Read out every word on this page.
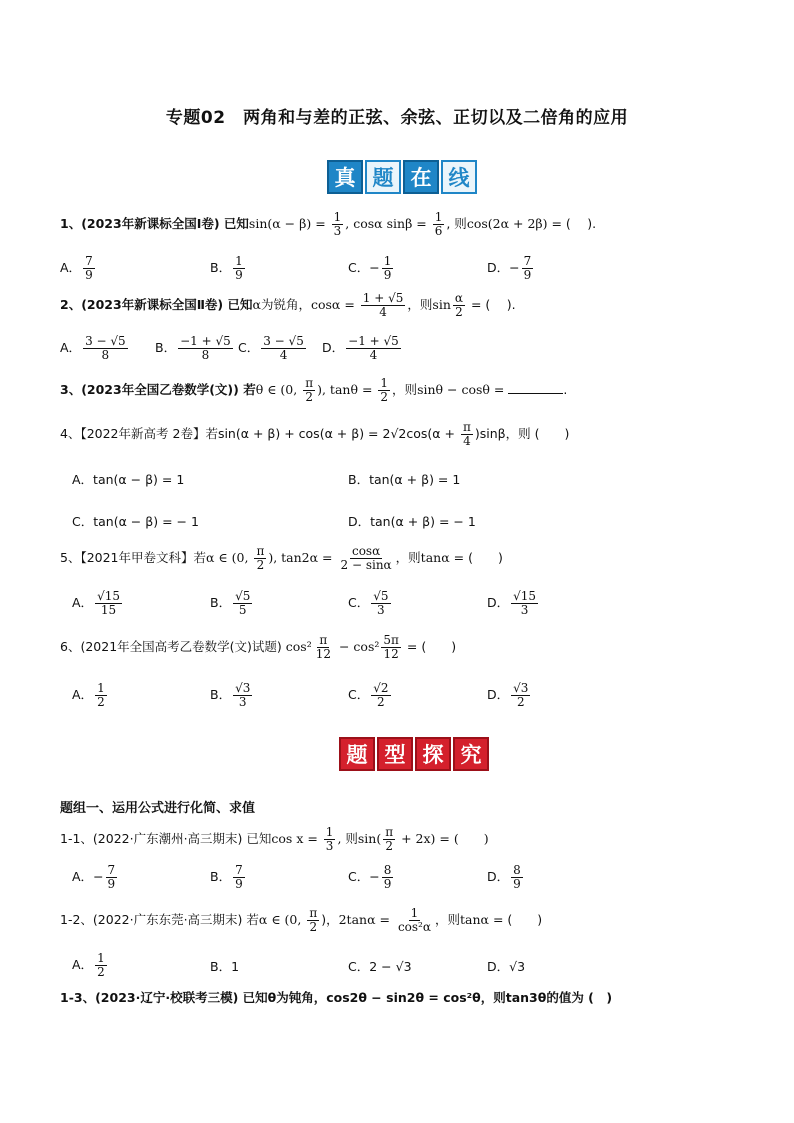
专题02　两角和与差的正弦、余弦、正切以及二倍角的应用
真 题 在 线
1、(2023年新课标全国Ⅰ卷) 已知$\sin(\alpha - \beta) = \frac{1}{3}$ , cosα $\sin\beta = \frac{1}{6}$ , 则cos(2α + 2β) = (　 ).
A． $\frac{7}{9}$	B． $\frac{1}{9}$	C．− $\frac{1}{9}$	D．− $\frac{7}{9}$
2、(2023年新课标全国Ⅱ卷) 已知α为锐角，$\cos\alpha = \frac{1 + √5}{4}$ ，则$\sin \frac{\alpha}{2}$ = (　 ).
A． $\frac{3 - √5}{8}$ B． $\frac{-1 + √5}{8}$ C． $\frac{3 - √5}{4}$ D． $\frac{-1 + √5}{4}$
3、(2023年全国乙卷数学(文)) 若θ ∈ (0, $\frac{\pi}{2}$ ), $\tan\theta = \frac{1}{2}$ ，则sinθ − cosθ =	.
4、【2022年新高考 2卷】若$\sin(\alpha + \beta) + \cos(\alpha + \beta) = 2√2\cos(\alpha + \frac{\pi}{4} )\sin\beta$，则 (　　)
A．tan(α − β) = 1	B．tan(α + β) = 1
C．tan(α − β) = − 1	D．tan(α + β) = − 1
5、【2021年甲卷文科】若α ∈ (0, $\frac{\pi}{2}$ ), $\tan 2\alpha = \frac{\cos\alpha}{2 - \sin\alpha}$ ，则tanα = (　　)
A． $\frac{√15}{15}$	B． $\frac{√5}{5}$	C． $\frac{√5}{3}$	D． $\frac{√15}{3}$
6、(2021年全国高考乙卷数学(文)试题) $\cos^2 \frac{\pi}{12} - \cos^2 \frac{5\pi}{12}$ = (　　)
A． $\frac{1}{2}$	B． $\frac{√3}{3}$	C． $\frac{√2}{2}$	D． $\frac{√3}{2}$
题 型 探 究
题组一、运用公式进行化简、求值
1-1、(2022·广东潮州·高三期末) 已知$\cos x = \frac{1}{3}$ , 则$\sin( \frac{\pi}{2} + 2x)$ = (　　)
A．− $\frac{7}{9}$	B． $\frac{7}{9}$	C．− $\frac{8}{9}$	D． $\frac{8}{9}$
1-2、(2022·广东东莞·高三期末) 若α ∈ (0, $\frac{\pi}{2}$ )，$2\tan\alpha = \frac{1}{\text{cos²α}}$ ，则tanα = (　　)
A． $\frac{1}{2}$	B．1	C．2 − √3	D．√3
1-3、(2023·辽宁·校联考三模) 已知θ为钝角，cos2θ − sin2θ = cos²θ，则tan3θ的值为 (　)
